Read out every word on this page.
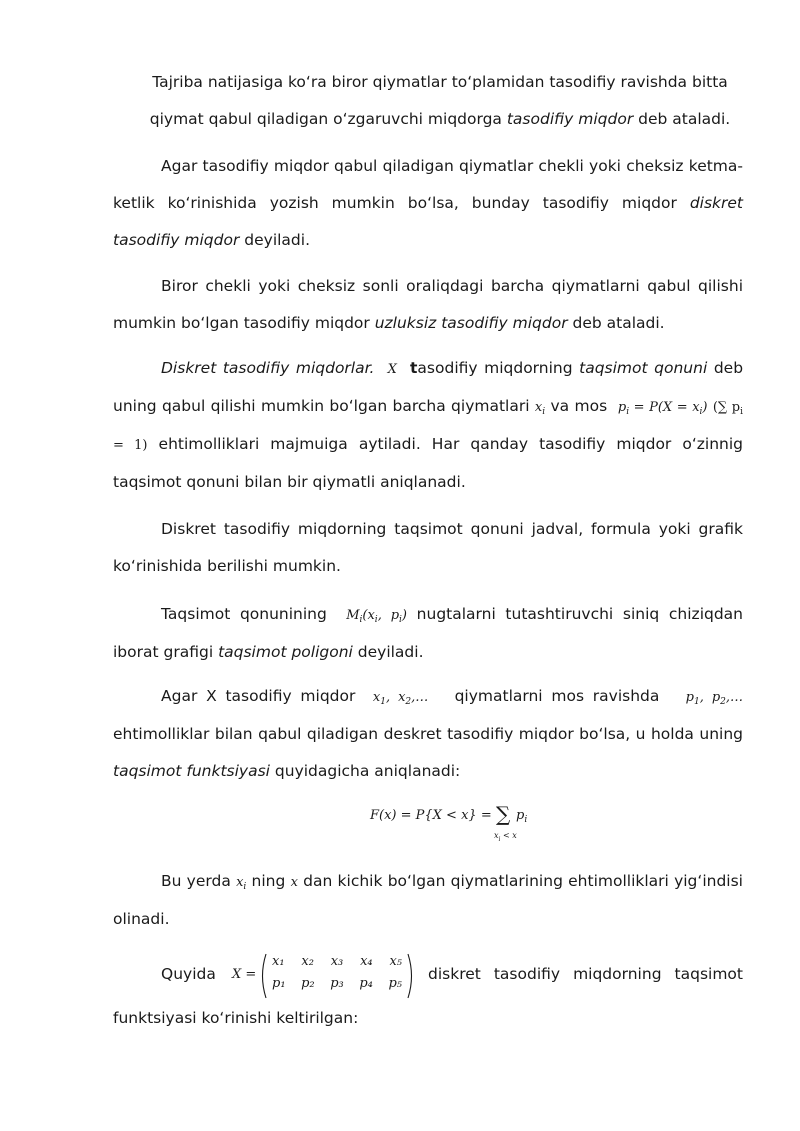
Tajriba natijasiga koʻra biror qiymatlar toʻplamidan tasodifiy ravishda bitta
qiymat qabul qiladigan oʻzgaruvchi miqdorga tasodifiy miqdor deb ataladi.
Agar tasodifiy miqdor qabul qiladigan qiymatlar chekli yoki cheksiz ketma-ketlik koʻrinishida yozish mumkin boʻlsa, bunday tasodifiy miqdor diskret tasodifiy miqdor deyiladi.
Biror chekli yoki cheksiz sonli oraliqdagi barcha qiymatlarni qabul qilishi mumkin boʻlgan tasodifiy miqdor uzluksiz tasodifiy miqdor deb ataladi.
Diskret tasodifiy miqdorlar. X tasodifiy miqdorning taqsimot qonuni deb uning qabul qilishi mumkin boʻlgan barcha qiymatlari $x_i$ va mos $p_i = P(X = x_i)$ (∑ $p_i = 1$) ehtimolliklari majmuiga aytiladi. Har qanday tasodifiy miqdor oʻzinnig taqsimot qonuni bilan bir qiymatli aniqlanadi.
Diskret tasodifiy miqdorning taqsimot qonuni jadval, formula yoki grafik koʻrinishida berilishi mumkin.
Taqsimot qonunining $M_i(x_i$, $p_i$) nugtalarni tutashtiruvchi siniq chiziqdan iborat grafigi taqsimot poligoni deyiladi.
Agar X tasodifiy miqdor $x_1$, $x_2,\dots$ qiymatlarni mos ravishda $p_1$, $p_2,\dots$ ehtimolliklar bilan qabul qiladigan deskret tasodifiy miqdor boʻlsa, u holda uning taqsimot funktsiyasi quyidagicha aniqlanadi:
F(x) = P{X < x} = ∑ $p_i$
$x_i < x$
Bu yerda $x_i$ ning x dan kichik boʻlgan qiymatlarining ehtimolliklari yigʻindisi olinadi.
Quyida X =
x₁ x₂ x₃ x₄ x₅
p₁ p₂ p₃ p₄ p₅
diskret tasodifiy miqdorning taqsimot
funktsiyasi koʻrinishi keltirilgan:
